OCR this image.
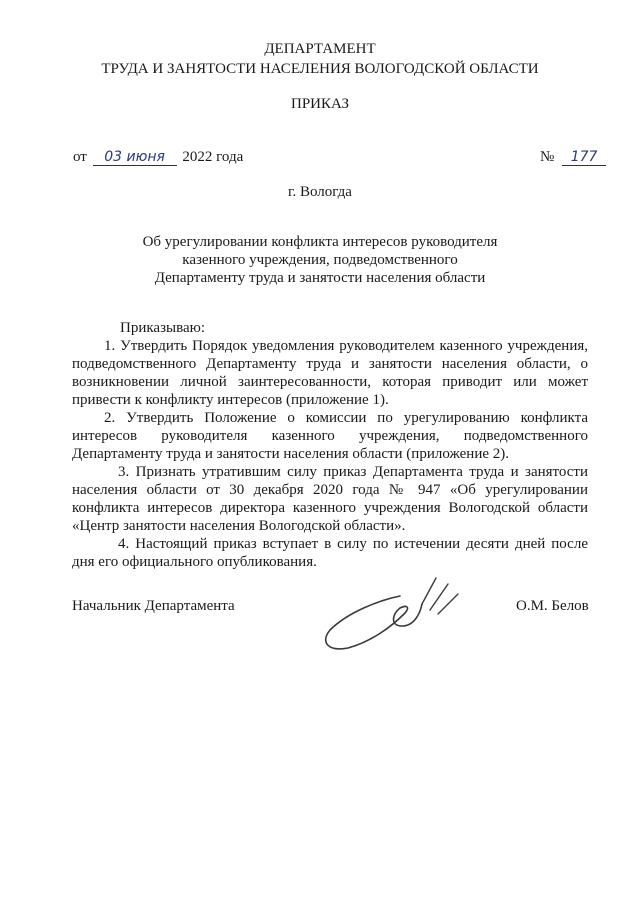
ДЕПАРТАМЕНТ
ТРУДА И ЗАНЯТОСТИ НАСЕЛЕНИЯ ВОЛОГОДСКОЙ ОБЛАСТИ
ПРИКАЗ
от 03 июня 2022 года	№ 177
г. Вологда
Об урегулировании конфликта интересов руководителя
казенного учреждения, подведомственного
Департаменту труда и занятости населения области
Приказываю:

1. Утвердить Порядок уведомления руководителем казенного учреждения, подведомственного Департаменту труда и занятости населения области, о возникновении личной заинтересованности, которая приводит или может привести к конфликту интересов (приложение 1).

2. Утвердить Положение о комиссии по урегулированию конфликта интересов руководителя казенного учреждения, подведомственного Департаменту труда и занятости населения области (приложение 2).

3. Признать утратившим силу приказ Департамента труда и занятости населения области от 30 декабря 2020 года № 947 «Об урегулировании конфликта интересов директора казенного учреждения Вологодской области «Центр занятости населения Вологодской области».

4. Настоящий приказ вступает в силу по истечении десяти дней после дня его официального опубликования.

Начальник Департамента	О.М. Белов
